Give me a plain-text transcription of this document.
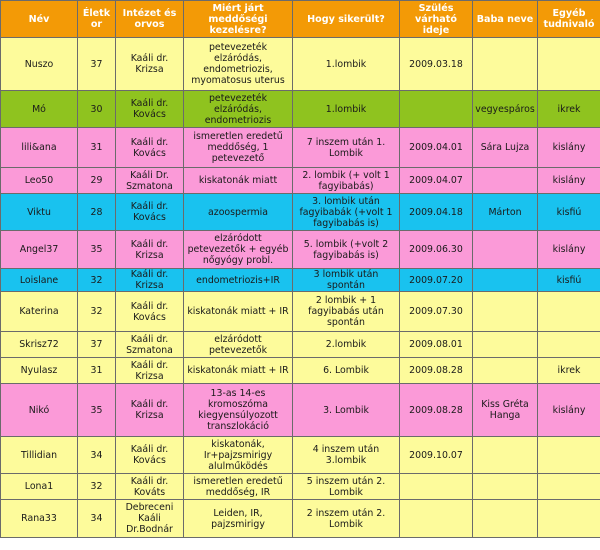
Név	Életkor	Intézet és orvos	Miért járt meddőségi kezelésre?	Hogy sikerült?	Szülés várható ideje	Baba neve	Egyéb tudnivaló
Nuszo	37	Kaáli dr. Krizsa	petevezeték elzáródás, endometriozis, myomatosus uterus	1.lombik	2009.03.18		
Mó	30	Kaáli dr. Kovács	petevezeték elzáródás, endometriozis	1.lombik		vegyespáros	ikrek
lili&ana	31	Kaáli dr. Kovács	ismeretlen eredetű meddőség, 1 petevezető	7 inszem után 1. Lombik	2009.04.01	Sára Lujza	kislány
Leo50	29	Kaáli Dr. Szmatona	kiskatonák miatt	2. lombik (+ volt 1 fagyibabás)	2009.04.07		kislány
Viktu	28	Kaáli dr. Kovács	azoospermia	3. lombik után fagyibabák (+volt 1 fagyibabás is)	2009.04.18	Márton	kisfiú
Angel37	35	Kaáli dr. Krizsa	elzáródott petevezetők + egyéb nőgyógy probl.	5. lombik (+volt 2 fagyibabás is)	2009.06.30		kislány
Loislane	32	Kaáli dr. Krizsa	endometriozis+IR	3 lombik után spontán	2009.07.20		kisfiú
Katerina	32	Kaáli dr. Kovács	kiskatonák miatt + IR	2 lombik + 1 fagyibabás után spontán	2009.07.30		
Skrisz72	37	Kaáli dr. Szmatona	elzáródott petevezetők	2.lombik	2009.08.01		
Nyulasz	31	Kaáli dr. Krizsa	kiskatonák miatt + IR	6. Lombik	2009.08.28		ikrek
Nikó	35	Kaáli dr. Krizsa	13-as 14-es kromoszóma kiegyensúlyozott transzlokáció	3. Lombik	2009.08.28	Kiss Gréta Hanga	kislány
Tillidian	34	Kaáli dr. Kovács	kiskatonák, Ir+pajzsmirigy alulműködés	4 inszem után 3.lombik	2009.10.07		
Lona1	32	Kaáli dr. Kováts	ismeretlen eredetű meddőség, IR	5 inszem után 2. Lombik			
Rana33	34	Debreceni Kaáli Dr.Bodnár	Leiden, IR, pajzsmirigy	2 inszem után 2. Lombik			
